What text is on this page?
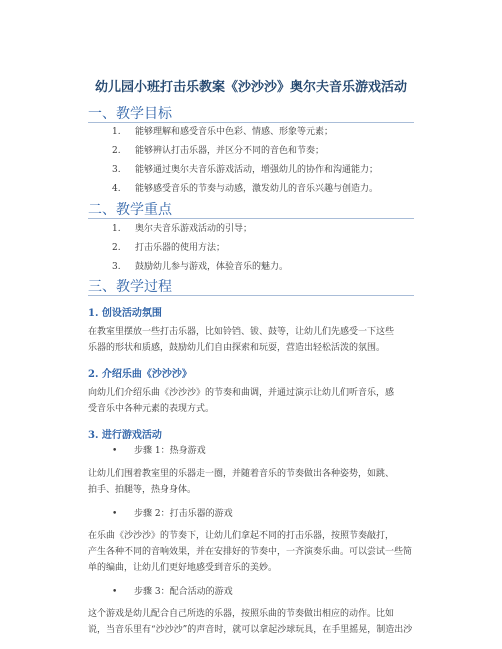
幼儿园小班打击乐教案《沙沙沙》奥尔夫音乐游戏活动
一、教学目标
1.	能够理解和感受音乐中色彩、情感、形象等元素；
2.	能够辨认打击乐器，并区分不同的音色和节奏；
3.	能够通过奥尔夫音乐游戏活动，增强幼儿的协作和沟通能力；
4.	能够感受音乐的节奏与动感，激发幼儿的音乐兴趣与创造力。
二、教学重点
1.	奥尔夫音乐游戏活动的引导；
2.	打击乐器的使用方法；
3.	鼓励幼儿参与游戏，体验音乐的魅力。
三、教学过程
1. 创设活动氛围

在教室里摆放一些打击乐器，比如铃铛、钹、鼓等，让幼儿们先感受一下这些

乐器的形状和质感，鼓励幼儿们自由探索和玩耍，营造出轻松活泼的氛围。

2. 介绍乐曲《沙沙沙》

向幼儿们介绍乐曲《沙沙沙》的节奏和曲调，并通过演示让幼儿们听音乐，感

受音乐中各种元素的表现方式。

3. 进行游戏活动
• 步骤 1：热身游戏

让幼儿们围着教室里的乐器走一圈，并随着音乐的节奏做出各种姿势，如跳、

拍手、拍腿等，热身身体。

• 步骤 2：打击乐器的游戏

在乐曲《沙沙沙》的节奏下，让幼儿们拿起不同的打击乐器，按照节奏敲打，

产生各种不同的音响效果，并在安排好的节奏中，一齐演奏乐曲。可以尝试一些简

单的编曲，让幼儿们更好地感受到音乐的美妙。

• 步骤 3：配合活动的游戏

这个游戏是幼儿配合自己所选的乐器，按照乐曲的节奏做出相应的动作。比如

说，当音乐里有“沙沙沙”的声音时，就可以拿起沙球玩具，在手里摇晃，制造出沙
